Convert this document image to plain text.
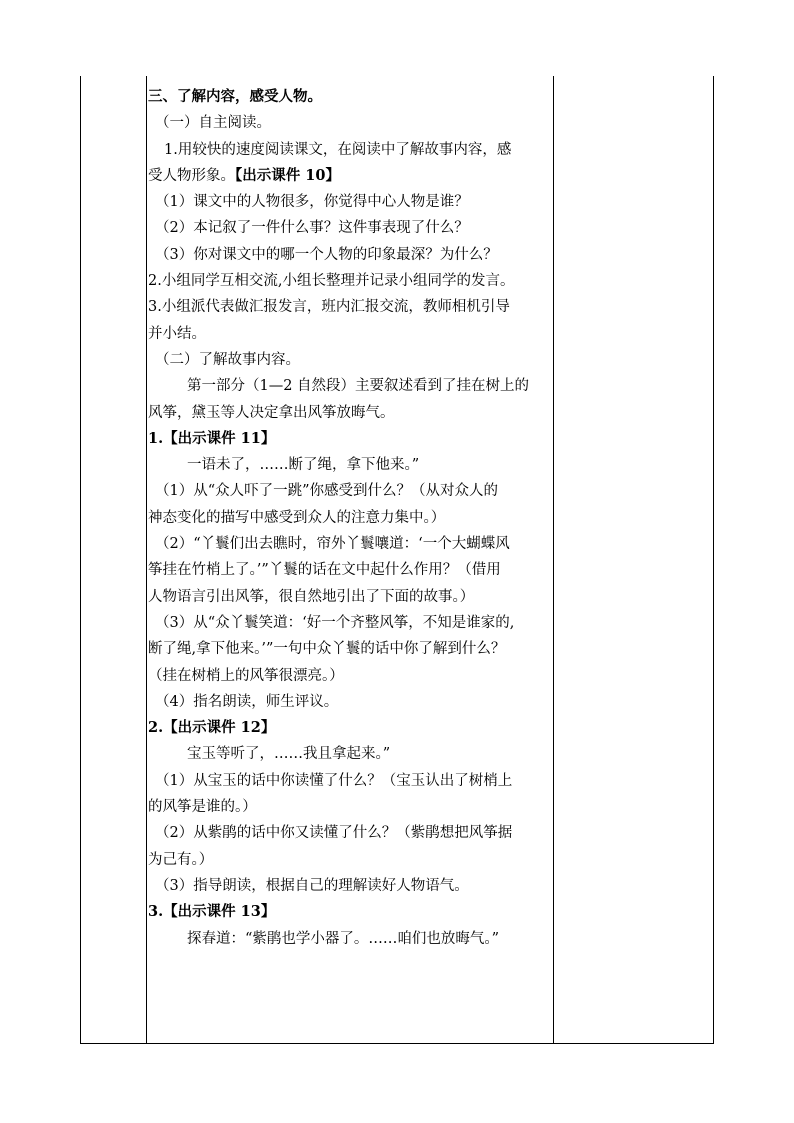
三、了解内容，感受人物。
（一）自主阅读。
1.用较快的速度阅读课文，在阅读中了解故事内容，感
受人物形象。【出示课件 10】
（1）课文中的人物很多，你觉得中心人物是谁？
（2）本记叙了一件什么事？这件事表现了什么？
（3）你对课文中的哪一个人物的印象最深？为什么？
2.小组同学互相交流,小组长整理并记录小组同学的发言。
3.小组派代表做汇报发言，班内汇报交流，教师相机引导
并小结。
（二）了解故事内容。
第一部分（1—2 自然段）主要叙述看到了挂在树上的
风筝，黛玉等人决定拿出风筝放晦气。
1.【出示课件 11】
一语未了，……断了绳，拿下他来。”
（1）从“众人吓了一跳”你感受到什么？（从对众人的
神态变化的描写中感受到众人的注意力集中。）
（2）“丫鬟们出去瞧时，帘外丫鬟嚷道：‘一个大蝴蝶风
筝挂在竹梢上了。’”丫鬟的话在文中起什么作用？（借用
人物语言引出风筝，很自然地引出了下面的故事。）
（3）从“众丫鬟笑道：‘好一个齐整风筝，不知是谁家的,
断了绳,拿下他来。’”一句中众丫鬟的话中你了解到什么？
（挂在树梢上的风筝很漂亮。）
（4）指名朗读，师生评议。
2.【出示课件 12】
宝玉等听了，……我且拿起来。”
（1）从宝玉的话中你读懂了什么？（宝玉认出了树梢上
的风筝是谁的。）
（2）从紫鹃的话中你又读懂了什么？（紫鹃想把风筝据
为己有。）
（3）指导朗读，根据自己的理解读好人物语气。
3.【出示课件 13】
探春道：“紫鹃也学小器了。……咱们也放晦气。”
